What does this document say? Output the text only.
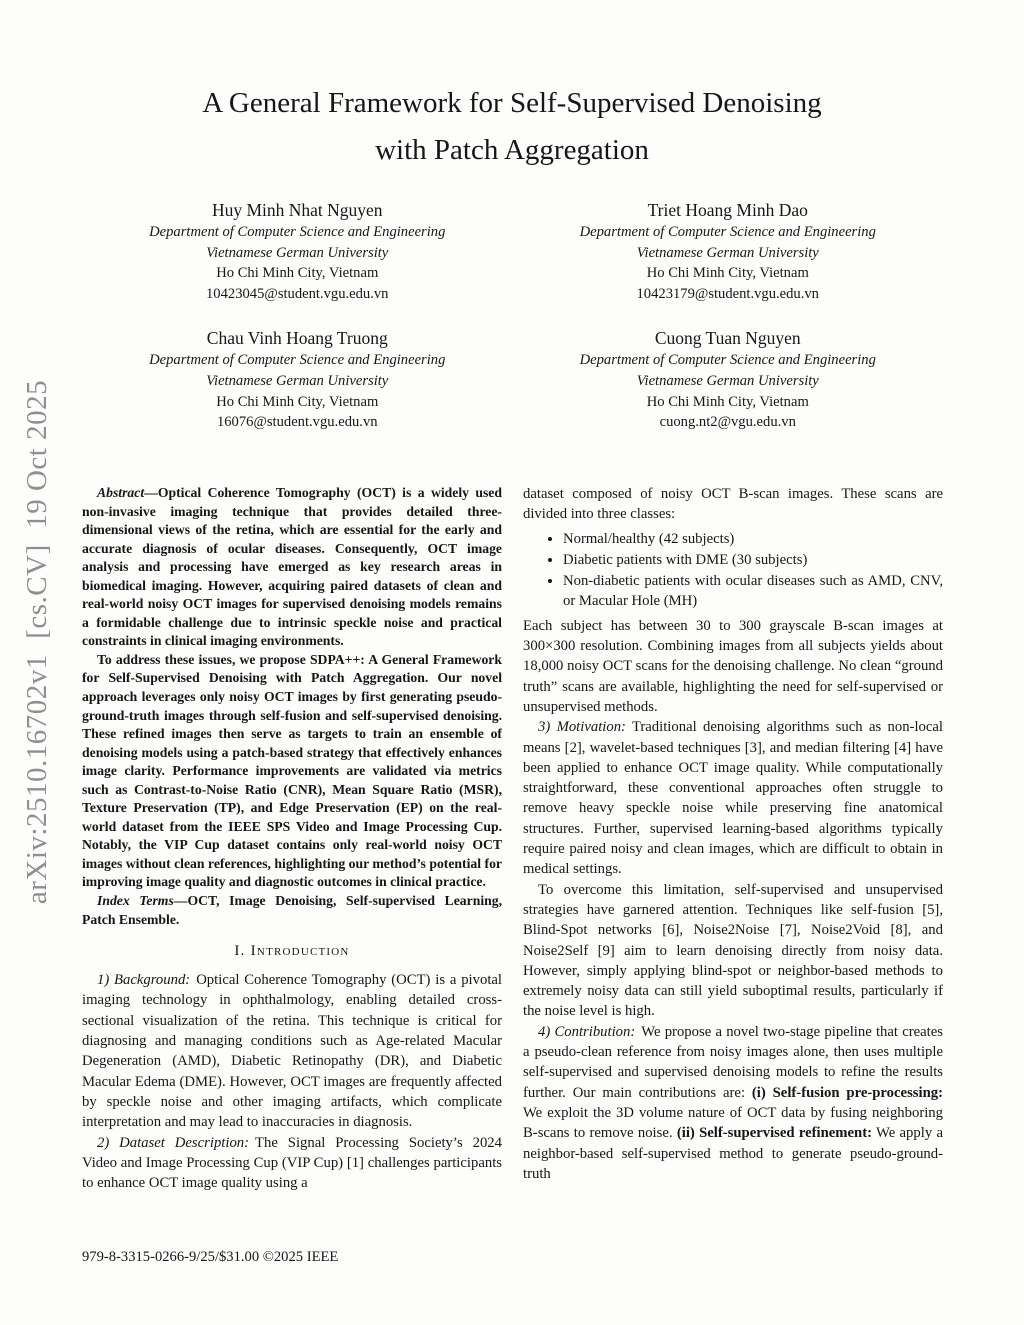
arXiv:2510.16702v1  [cs.CV]  19 Oct 2025
A General Framework for Self-Supervised Denoising with Patch Aggregation
Huy Minh Nhat Nguyen
Department of Computer Science and Engineering
Vietnamese German University
Ho Chi Minh City, Vietnam
10423045@student.vgu.edu.vn
Triet Hoang Minh Dao
Department of Computer Science and Engineering
Vietnamese German University
Ho Chi Minh City, Vietnam
10423179@student.vgu.edu.vn
Chau Vinh Hoang Truong
Department of Computer Science and Engineering
Vietnamese German University
Ho Chi Minh City, Vietnam
16076@student.vgu.edu.vn
Cuong Tuan Nguyen
Department of Computer Science and Engineering
Vietnamese German University
Ho Chi Minh City, Vietnam
cuong.nt2@vgu.edu.vn

Abstract—Optical Coherence Tomography (OCT) is a widely used non-invasive imaging technique that provides detailed three-dimensional views of the retina, which are essential for the early and accurate diagnosis of ocular diseases. Consequently, OCT image analysis and processing have emerged as key research areas in biomedical imaging. However, acquiring paired datasets of clean and real-world noisy OCT images for supervised denoising models remains a formidable challenge due to intrinsic speckle noise and practical constraints in clinical imaging environments.

To address these issues, we propose SDPA++: A General Framework for Self-Supervised Denoising with Patch Aggregation. Our novel approach leverages only noisy OCT images by first generating pseudo-ground-truth images through self-fusion and self-supervised denoising. These refined images then serve as targets to train an ensemble of denoising models using a patch-based strategy that effectively enhances image clarity. Performance improvements are validated via metrics such as Contrast-to-Noise Ratio (CNR), Mean Square Ratio (MSR), Texture Preservation (TP), and Edge Preservation (EP) on the real-world dataset from the IEEE SPS Video and Image Processing Cup. Notably, the VIP Cup dataset contains only real-world noisy OCT images without clean references, highlighting our method’s potential for improving image quality and diagnostic outcomes in clinical practice.

Index Terms—OCT, Image Denoising, Self-supervised Learning, Patch Ensemble.

I. Introduction

1) Background: Optical Coherence Tomography (OCT) is a pivotal imaging technology in ophthalmology, enabling detailed cross-sectional visualization of the retina. This technique is critical for diagnosing and managing conditions such as Age-related Macular Degeneration (AMD), Diabetic Retinopathy (DR), and Diabetic Macular Edema (DME). However, OCT images are frequently affected by speckle noise and other imaging artifacts, which complicate interpretation and may lead to inaccuracies in diagnosis.

2) Dataset Description: The Signal Processing Society’s 2024 Video and Image Processing Cup (VIP Cup) [1] challenges participants to enhance OCT image quality using a

dataset composed of noisy OCT B-scan images. These scans are divided into three classes:

• Normal/healthy (42 subjects)
• Diabetic patients with DME (30 subjects)
• Non-diabetic patients with ocular diseases such as AMD, CNV, or Macular Hole (MH)

Each subject has between 30 to 300 grayscale B-scan images at 300×300 resolution. Combining images from all subjects yields about 18,000 noisy OCT scans for the denoising challenge. No clean “ground truth” scans are available, highlighting the need for self-supervised or unsupervised methods.

3) Motivation: Traditional denoising algorithms such as non-local means [2], wavelet-based techniques [3], and median filtering [4] have been applied to enhance OCT image quality. While computationally straightforward, these conventional approaches often struggle to remove heavy speckle noise while preserving fine anatomical structures. Further, supervised learning-based algorithms typically require paired noisy and clean images, which are difficult to obtain in medical settings.

To overcome this limitation, self-supervised and unsupervised strategies have garnered attention. Techniques like self-fusion [5], Blind-Spot networks [6], Noise2Noise [7], Noise2Void [8], and Noise2Self [9] aim to learn denoising directly from noisy data. However, simply applying blind-spot or neighbor-based methods to extremely noisy data can still yield suboptimal results, particularly if the noise level is high.

4) Contribution: We propose a novel two-stage pipeline that creates a pseudo-clean reference from noisy images alone, then uses multiple self-supervised and supervised denoising models to refine the results further. Our main contributions are: (i) Self-fusion pre-processing: We exploit the 3D volume nature of OCT data by fusing neighboring B-scans to remove noise. (ii) Self-supervised refinement: We apply a neighbor-based self-supervised method to generate pseudo-ground-truth

979-8-3315-0266-9/25/$31.00 ©2025 IEEE
